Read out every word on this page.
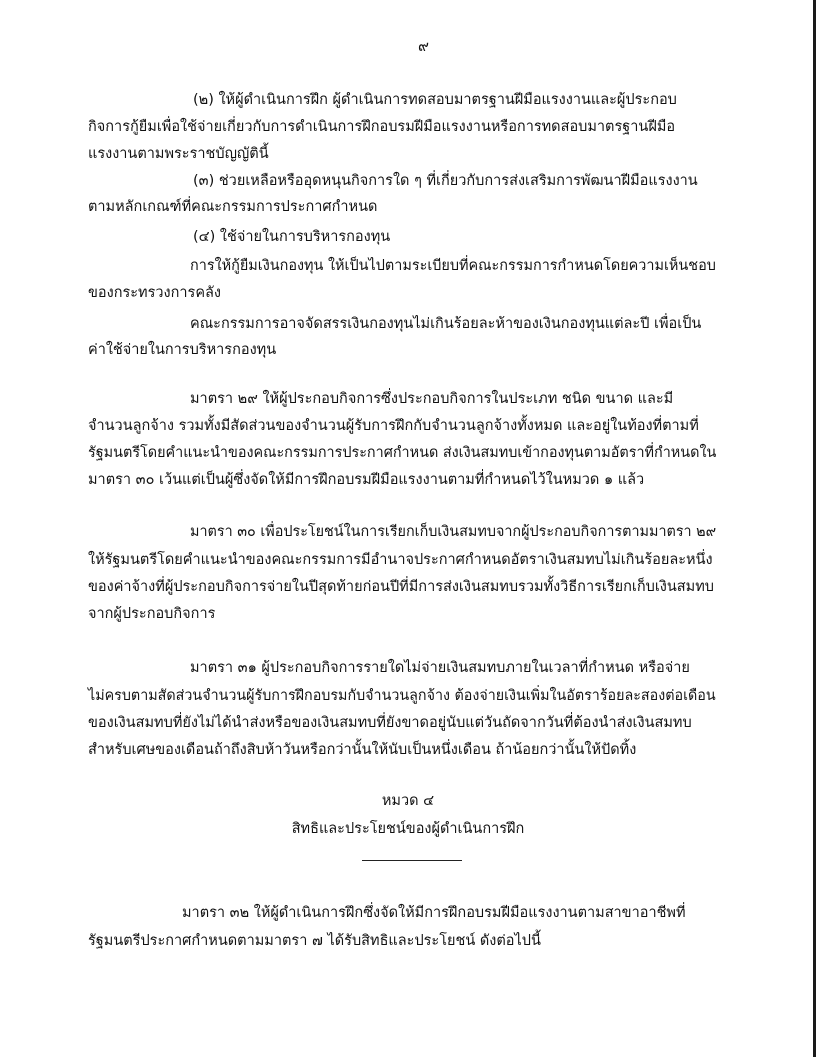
๙
(๒) ให้ผู้ดำเนินการฝึก ผู้ดำเนินการทดสอบมาตรฐานฝีมือแรงงานและผู้ประกอบ
กิจการกู้ยืมเพื่อใช้จ่ายเกี่ยวกับการดำเนินการฝึกอบรมฝีมือแรงงานหรือการทดสอบมาตรฐานฝีมือ
แรงงานตามพระราชบัญญัตินี้
(๓) ช่วยเหลือหรืออุดหนุนกิจการใด ๆ ที่เกี่ยวกับการส่งเสริมการพัฒนาฝีมือแรงงาน
ตามหลักเกณฑ์ที่คณะกรรมการประกาศกำหนด
(๔) ใช้จ่ายในการบริหารกองทุน
การให้กู้ยืมเงินกองทุน ให้เป็นไปตามระเบียบที่คณะกรรมการกำหนดโดยความเห็นชอบ
ของกระทรวงการคลัง
คณะกรรมการอาจจัดสรรเงินกองทุนไม่เกินร้อยละห้าของเงินกองทุนแต่ละปี เพื่อเป็น
ค่าใช้จ่ายในการบริหารกองทุน
มาตรา ๒๙ ให้ผู้ประกอบกิจการซึ่งประกอบกิจการในประเภท ชนิด ขนาด และมี
จำนวนลูกจ้าง รวมทั้งมีสัดส่วนของจำนวนผู้รับการฝึกกับจำนวนลูกจ้างทั้งหมด และอยู่ในท้องที่ตามที่
รัฐมนตรีโดยคำแนะนำของคณะกรรมการประกาศกำหนด ส่งเงินสมทบเข้ากองทุนตามอัตราที่กำหนดใน
มาตรา ๓๐ เว้นแต่เป็นผู้ซึ่งจัดให้มีการฝึกอบรมฝีมือแรงงานตามที่กำหนดไว้ในหมวด ๑ แล้ว
มาตรา ๓๐ เพื่อประโยชน์ในการเรียกเก็บเงินสมทบจากผู้ประกอบกิจการตามมาตรา ๒๙
ให้รัฐมนตรีโดยคำแนะนำของคณะกรรมการมีอำนาจประกาศกำหนดอัตราเงินสมทบไม่เกินร้อยละหนึ่ง
ของค่าจ้างที่ผู้ประกอบกิจการจ่ายในปีสุดท้ายก่อนปีที่มีการส่งเงินสมทบรวมทั้งวิธีการเรียกเก็บเงินสมทบ
จากผู้ประกอบกิจการ
มาตรา ๓๑ ผู้ประกอบกิจการรายใดไม่จ่ายเงินสมทบภายในเวลาที่กำหนด หรือจ่าย
ไม่ครบตามสัดส่วนจำนวนผู้รับการฝึกอบรมกับจำนวนลูกจ้าง ต้องจ่ายเงินเพิ่มในอัตราร้อยละสองต่อเดือน
ของเงินสมทบที่ยังไม่ได้นำส่งหรือของเงินสมทบที่ยังขาดอยู่นับแต่วันถัดจากวันที่ต้องนำส่งเงินสมทบ
สำหรับเศษของเดือนถ้าถึงสิบห้าวันหรือกว่านั้นให้นับเป็นหนึ่งเดือน ถ้าน้อยกว่านั้นให้ปัดทิ้ง
หมวด ๔
สิทธิและประโยชน์ของผู้ดำเนินการฝึก
มาตรา ๓๒ ให้ผู้ดำเนินการฝึกซึ่งจัดให้มีการฝึกอบรมฝีมือแรงงานตามสาขาอาชีพที่
รัฐมนตรีประกาศกำหนดตามมาตรา ๗ ได้รับสิทธิและประโยชน์ ดังต่อไปนี้
